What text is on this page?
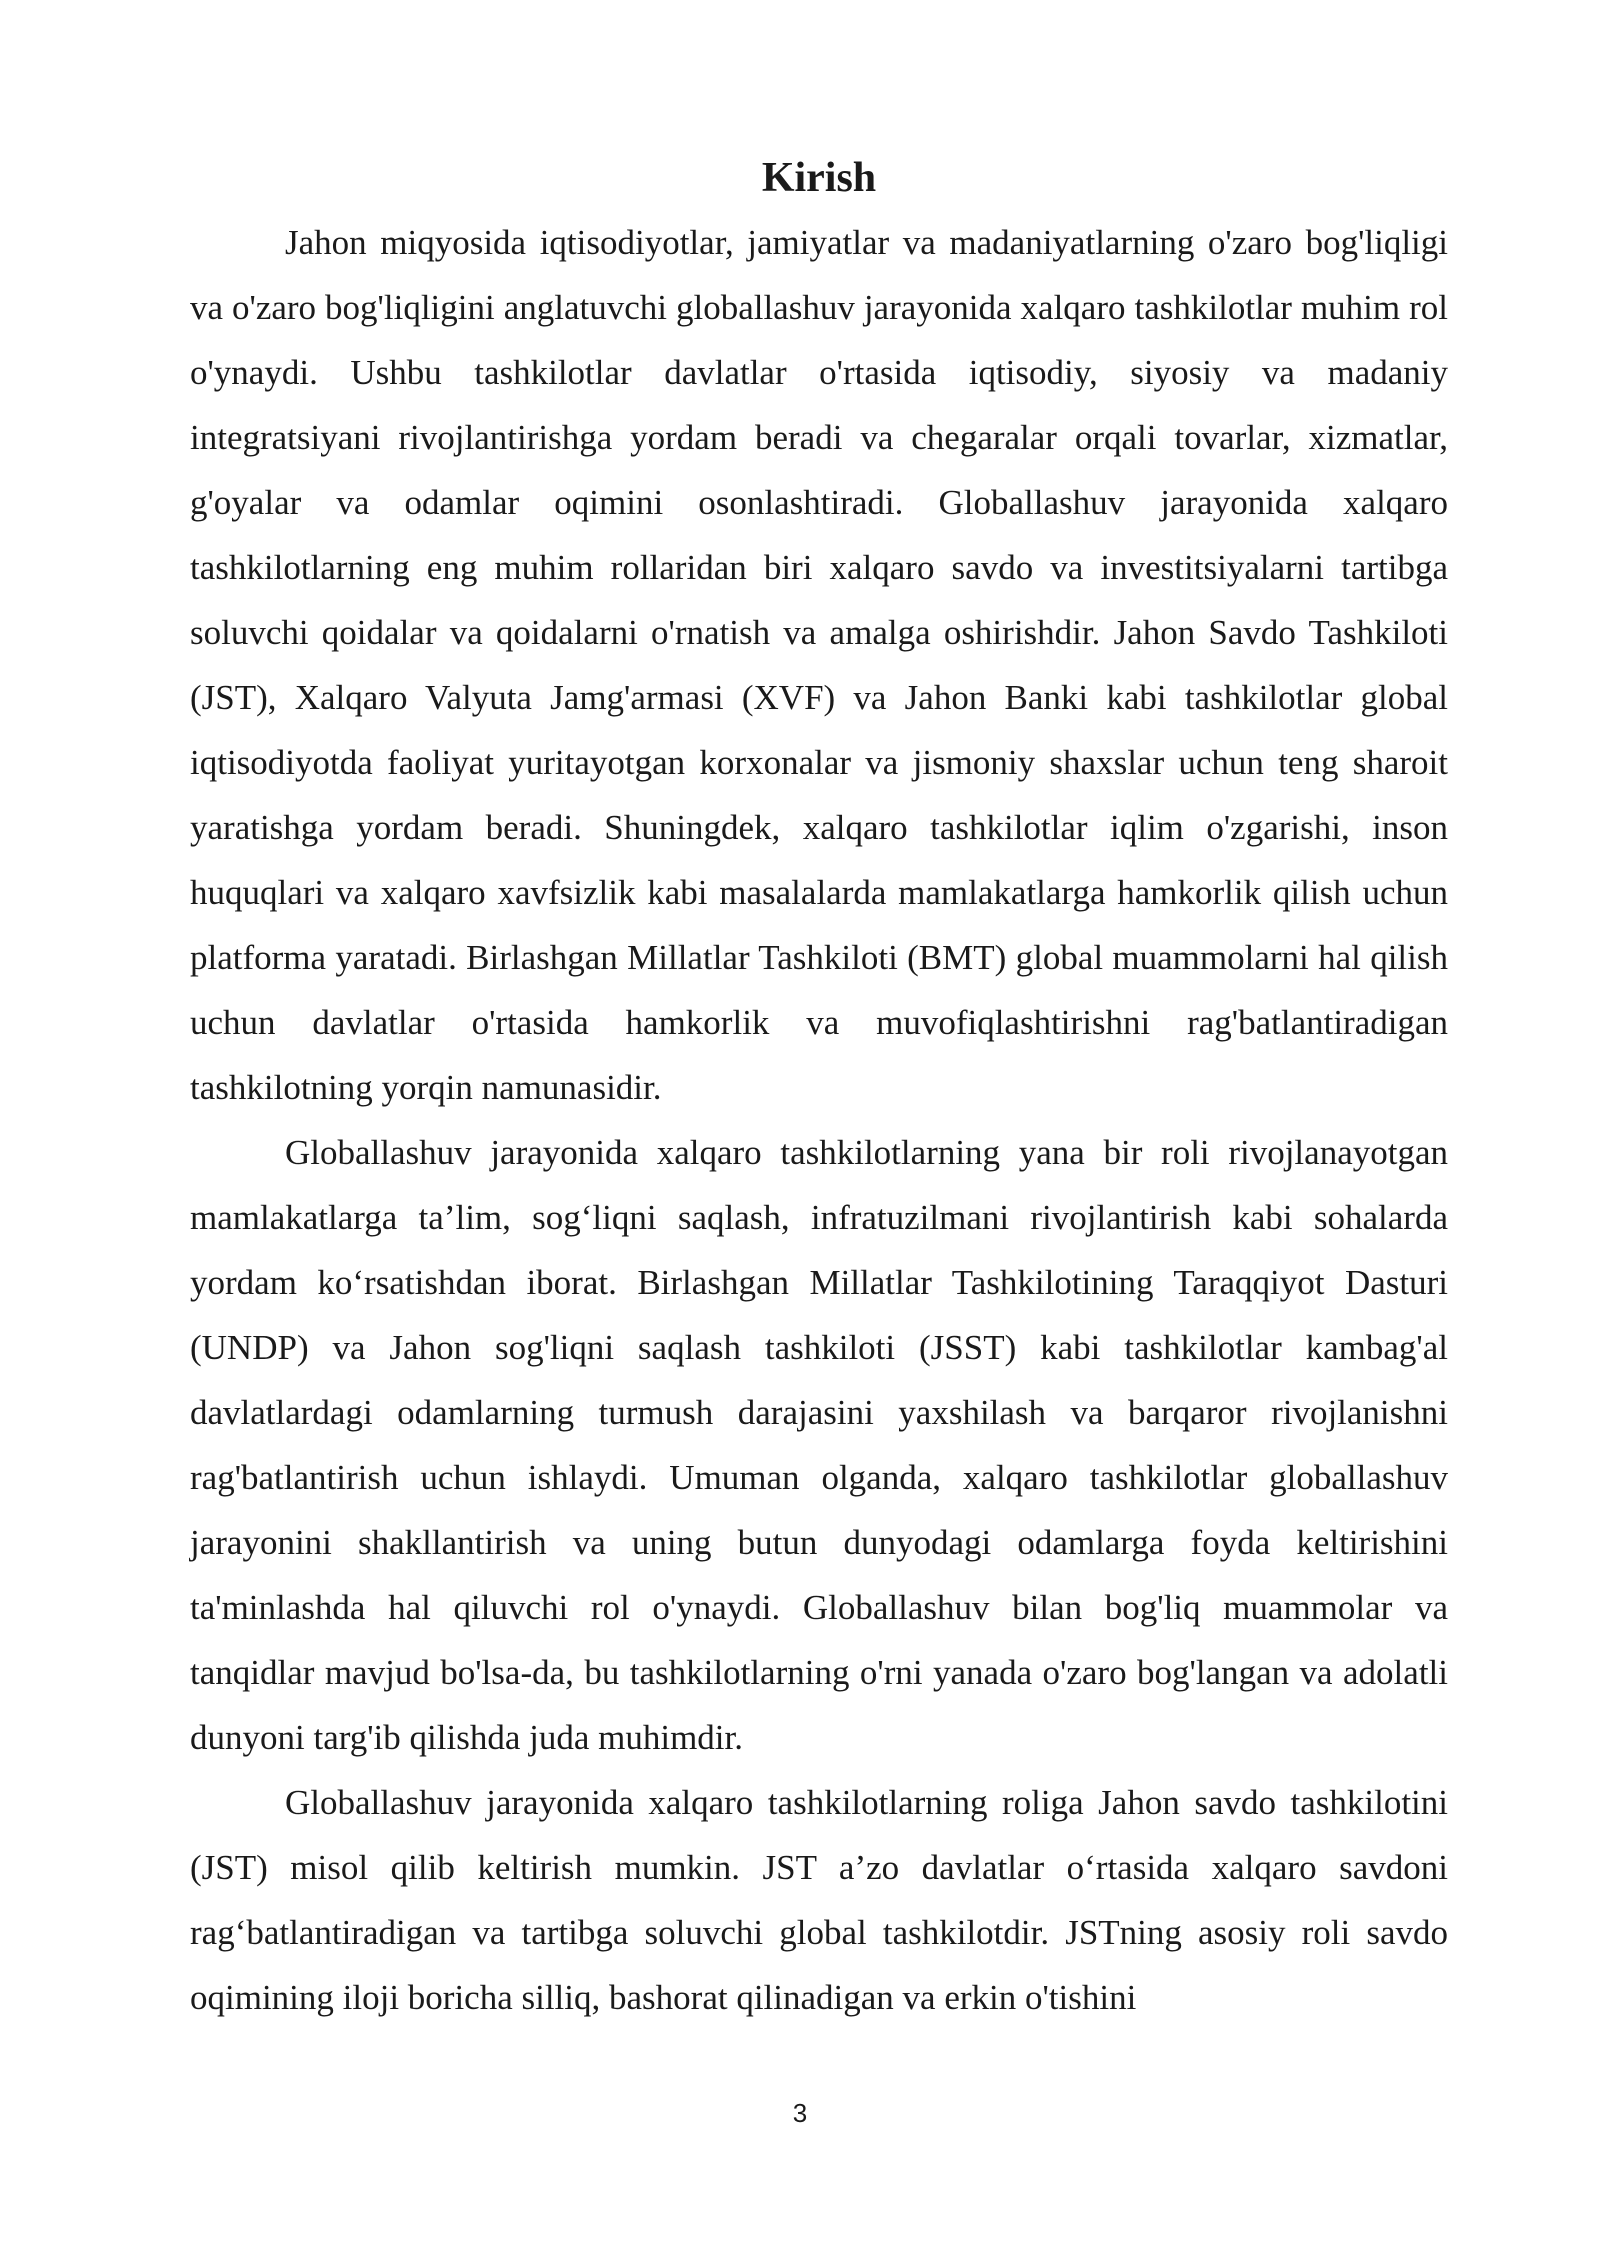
Kirish

Jahon miqyosida iqtisodiyotlar, jamiyatlar va madaniyatlarning o'zaro bog'liqligi va o'zaro bog'liqligini anglatuvchi globallashuv jarayonida xalqaro tashkilotlar muhim rol o'ynaydi. Ushbu tashkilotlar davlatlar o'rtasida iqtisodiy, siyosiy va madaniy integratsiyani rivojlantirishga yordam beradi va chegaralar orqali tovarlar, xizmatlar, g'oyalar va odamlar oqimini osonlashtiradi. Globallashuv jarayonida xalqaro tashkilotlarning eng muhim rollaridan biri xalqaro savdo va investitsiyalarni tartibga soluvchi qoidalar va qoidalarni o'rnatish va amalga oshirishdir. Jahon Savdo Tashkiloti (JST), Xalqaro Valyuta Jamg'armasi (XVF) va Jahon Banki kabi tashkilotlar global iqtisodiyotda faoliyat yuritayotgan korxonalar va jismoniy shaxslar uchun teng sharoit yaratishga yordam beradi. Shuningdek, xalqaro tashkilotlar iqlim o'zgarishi, inson huquqlari va xalqaro xavfsizlik kabi masalalarda mamlakatlarga hamkorlik qilish uchun platforma yaratadi. Birlashgan Millatlar Tashkiloti (BMT) global muammolarni hal qilish uchun davlatlar o'rtasida hamkorlik va muvofiqlashtirishni rag'batlantiradigan tashkilotning yorqin namunasidir.

Globallashuv jarayonida xalqaro tashkilotlarning yana bir roli rivojlanayotgan mamlakatlarga ta’lim, sog‘liqni saqlash, infratuzilmani rivojlantirish kabi sohalarda yordam ko‘rsatishdan iborat. Birlashgan Millatlar Tashkilotining Taraqqiyot Dasturi (UNDP) va Jahon sog'liqni saqlash tashkiloti (JSST) kabi tashkilotlar kambag'al davlatlardagi odamlarning turmush darajasini yaxshilash va barqaror rivojlanishni rag'batlantirish uchun ishlaydi. Umuman olganda, xalqaro tashkilotlar globallashuv jarayonini shakllantirish va uning butun dunyodagi odamlarga foyda keltirishini ta'minlashda hal qiluvchi rol o'ynaydi. Globallashuv bilan bog'liq muammolar va tanqidlar mavjud bo'lsa-da, bu tashkilotlarning o'rni yanada o'zaro bog'langan va adolatli dunyoni targ'ib qilishda juda muhimdir.

Globallashuv jarayonida xalqaro tashkilotlarning roliga Jahon savdo tashkilotini (JST) misol qilib keltirish mumkin. JST a’zo davlatlar o‘rtasida xalqaro savdoni rag‘batlantiradigan va tartibga soluvchi global tashkilotdir. JSTning asosiy roli savdo oqimining iloji boricha silliq, bashorat qilinadigan va erkin o'tishini

3
